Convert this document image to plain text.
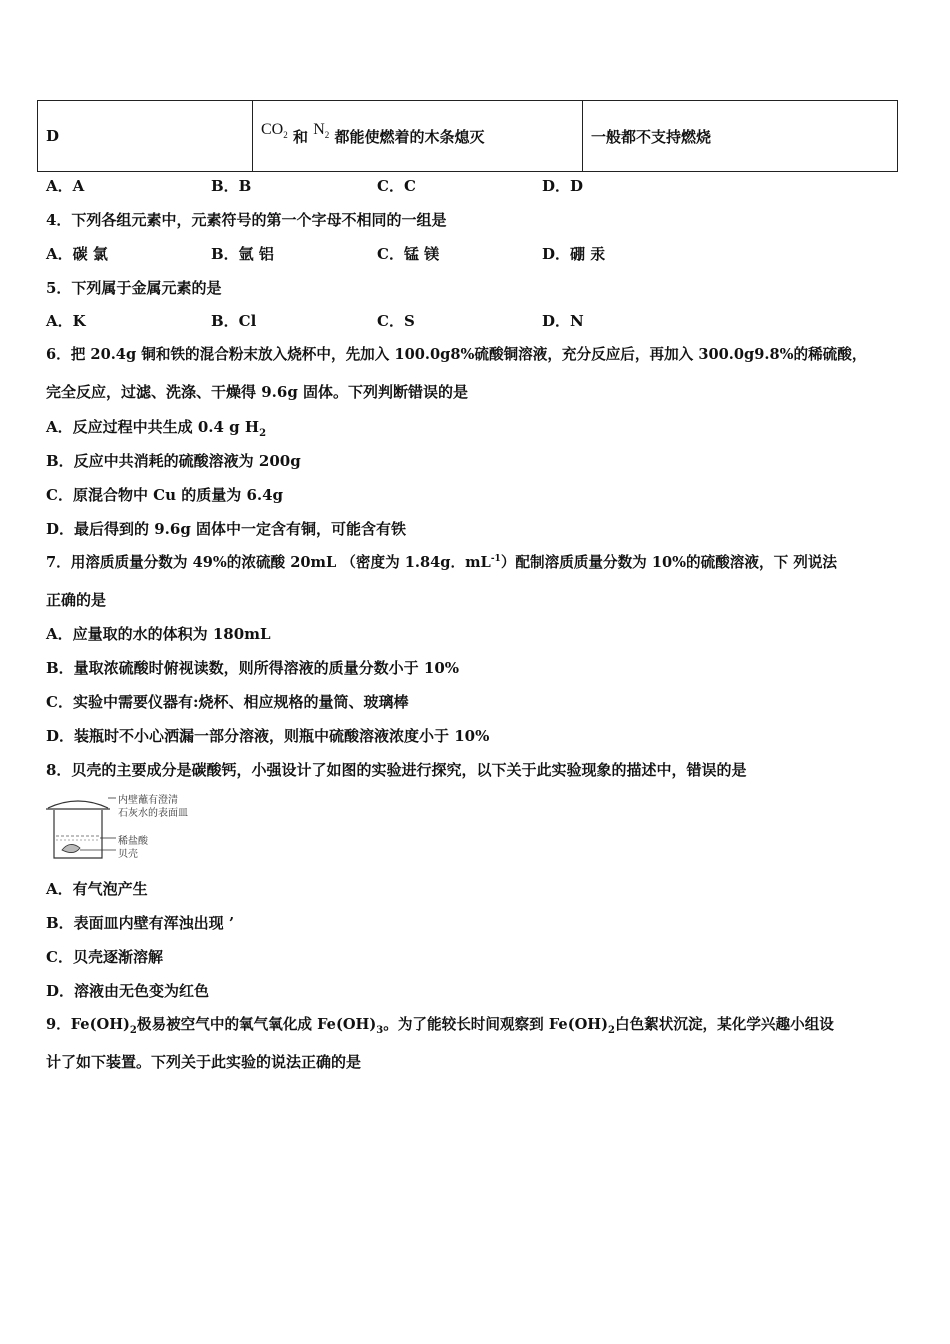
D	$CO_2$ 和 $N_2$ 都能使燃着的木条熄灭	一般都不支持燃烧
A．A	B．B	C．C	D．D
4．下列各组元素中，元素符号的第一个字母不相同的一组是
A．碳 氯	B．氩 铝	C．锰 镁	D．硼 汞
5．下列属于金属元素的是
A．K	B．Cl	C．S	D．N
6．把 20.4g 铜和铁的混合粉末放入烧杯中，先加入 100.0g8%硫酸铜溶液，充分反应后，再加入 300.0g9.8%的稀硫酸，
完全反应，过滤、洗涤、干燥得 9.6g 固体。下列判断错误的是
A．反应过程中共生成 0.4 g $H_2$
B．反应中共消耗的硫酸溶液为 200g
C．原混合物中 Cu 的质量为 6.4g
D．最后得到的 9.6g 固体中一定含有铜，可能含有铁
7．用溶质质量分数为 49%的浓硫酸 20mL （密度为 1.84g．$mL^{-1}$）配制溶质质量分数为 10%的硫酸溶液，下 列说法
正确的是
A．应量取的水的体积为 180mL
B．量取浓硫酸时俯视读数，则所得溶液的质量分数小于 10%
C．实验中需要仪器有:烧杯、相应规格的量筒、玻璃棒
D．装瓶时不小心洒漏一部分溶液，则瓶中硫酸溶液浓度小于 10%
8．贝壳的主要成分是碳酸钙，小强设计了如图的实验进行探究，以下关于此实验现象的描述中，错误的是
内壁蘸有澄清
石灰水的表面皿
稀盐酸
贝壳
A．有气泡产生
B．表面皿内壁有浑浊出现 ’
C．贝壳逐渐溶解
D．溶液由无色变为红色
9．$Fe(OH)_2$极易被空气中的氧气氧化成 $Fe(OH)_3$。为了能较长时间观察到 $Fe(OH)_2$白色絮状沉淀，某化学兴趣小组设
计了如下装置。下列关于此实验的说法正确的是
